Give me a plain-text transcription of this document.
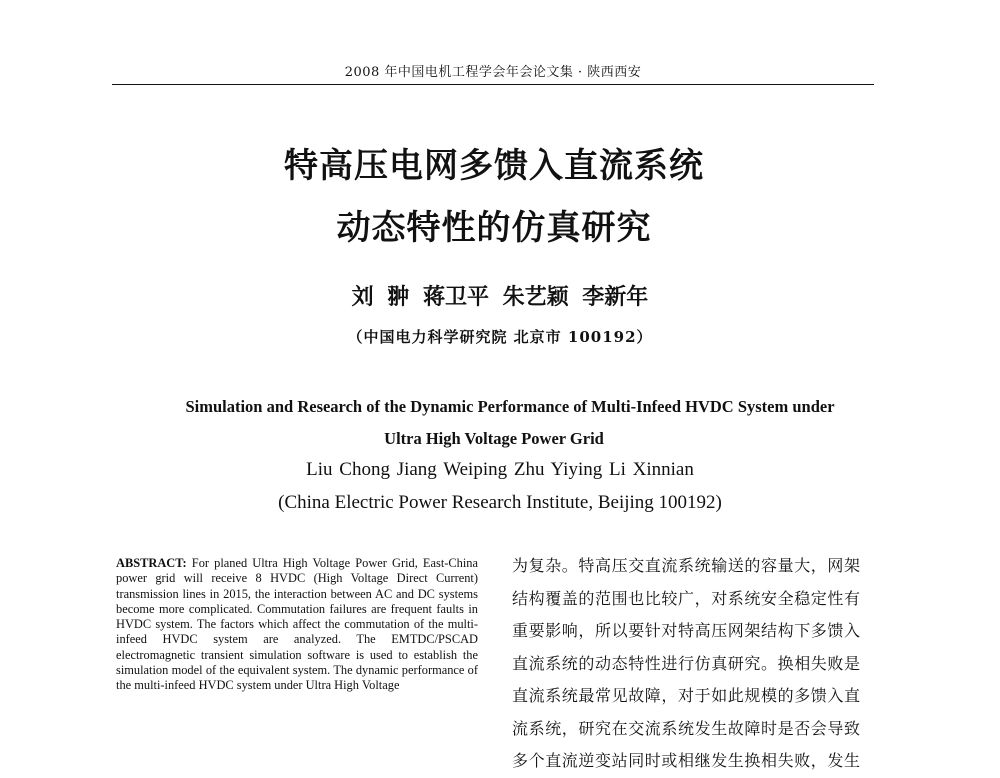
2008 年中国电机工程学会年会论文集 · 陕西西安
特高压电网多馈入直流系统
动态特性的仿真研究
刘 翀 蒋卫平 朱艺颖 李新年
（中国电力科学研究院 北京市 100192）
Simulation and Research of the Dynamic Performance of Multi-Infeed HVDC System under
Ultra High Voltage Power Grid
Liu Chong Jiang Weiping Zhu Yiying Li Xinnian
(China Electric Power Research Institute, Beijing 100192)
ABSTRACT: For planed Ultra High Voltage Power Grid, East-China power grid will receive 8 HVDC (High Voltage Direct Current) transmission lines in 2015, the interaction between AC and DC systems become more complicated. Commutation failures are frequent faults in HVDC system. The factors which affect the commutation of the multi-infeed HVDC system are analyzed. The EMTDC/PSCAD electromagnetic transient simulation software is used to establish the simulation model of the equivalent system. The dynamic performance of the multi-infeed HVDC system under Ultra High Voltage
为复杂。特高压交直流系统输送的容量大，网架
结构覆盖的范围也比较广，对系统安全稳定性有
重要影响，所以要针对特高压网架结构下多馈入
直流系统的动态特性进行仿真研究。换相失败是
直流系统最常见故障，对于如此规模的多馈入直
流系统，研究在交流系统发生故障时是否会导致
多个直流逆变站同时或相继发生换相失败，发生
